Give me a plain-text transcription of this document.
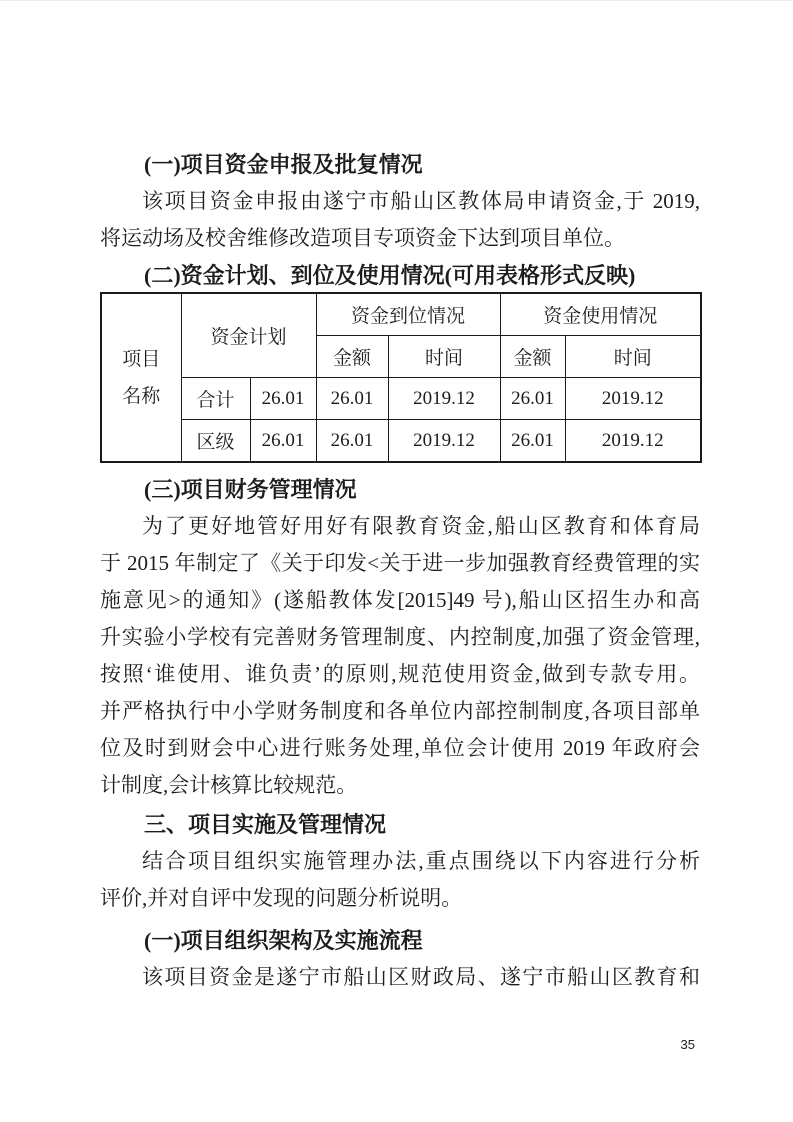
(一)项目资金申报及批复情况
该项目资金申报由遂宁市船山区教体局申请资金,于 2019,
将运动场及校舍维修改造项目专项资金下达到项目单位。
(二)资金计划、到位及使用情况(可用表格形式反映)
项目
名称	资金计划		资金到位情况		资金使用情况	
			金额	时间	金额	时间
	合计	26.01	26.01	2019.12	26.01	2019.12
	区级	26.01	26.01	2019.12	26.01	2019.12
(三)项目财务管理情况
为了更好地管好用好有限教育资金,船山区教育和体育局
于 2015 年制定了《关于印发<关于进一步加强教育经费管理的实
施意见>的通知》(遂船教体发[2015]49 号),船山区招生办和高
升实验小学校有完善财务管理制度、内控制度,加强了资金管理,
按照‘谁使用、谁负责’的原则,规范使用资金,做到专款专用。
并严格执行中小学财务制度和各单位内部控制制度,各项目部单
位及时到财会中心进行账务处理,单位会计使用 2019 年政府会
计制度,会计核算比较规范。
三、项目实施及管理情况
结合项目组织实施管理办法,重点围绕以下内容进行分析
评价,并对自评中发现的问题分析说明。
(一)项目组织架构及实施流程
该项目资金是遂宁市船山区财政局、遂宁市船山区教育和
35
